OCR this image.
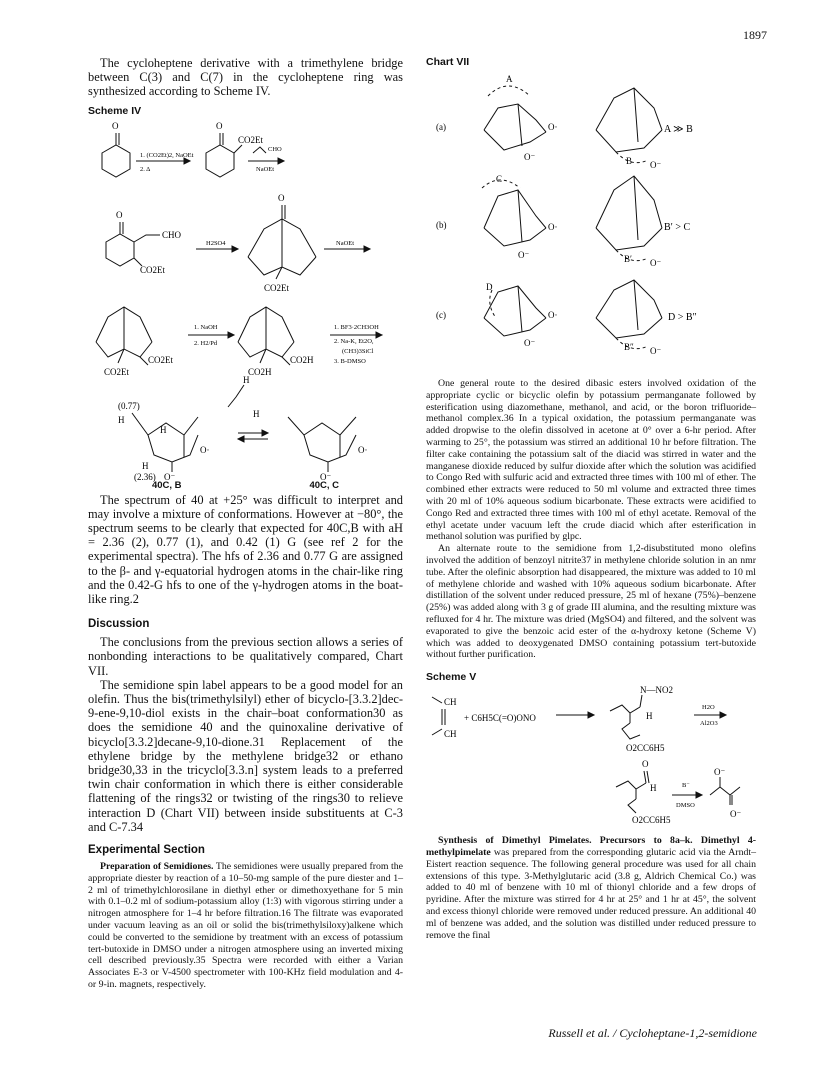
1897

The cycloheptene derivative with a trimethylene bridge between C(3) and C(7) in the cycloheptene ring was synthesized according to Scheme IV.

Scheme IV
O	O
CO2Et
1. (CO2Et)2, NaOEt
2. Δ
CHO
NaOEt
O
CHO
CO2Et
H2SO4
O
NaOEt
CO2Et
CO2Et
CO2Et
1. NaOH
2. H2/Pd
CO2H
CO2H
1. BF3·2CH3OH
2. Na-K, Et2O,
(CH3)3SiCl
3. B-DMSO
H
(0.77)
H
H
H
H
(2.36) O⁻
O·
O⁻
O·
40C, B	40C, C

The spectrum of 40 at +25° was difficult to interpret and may involve a mixture of conformations. However at −80°, the spectrum seems to be clearly that expected for 40C,B with aH = 2.36 (2), 0.77 (1), and 0.42 (1) G (see ref 2 for the experimental spectra). The hfs of 2.36 and 0.77 G are assigned to the β- and γ-equatorial hydrogen atoms in the chair-like ring and the 0.42-G hfs to one of the γ-hydrogen atoms in the boat-like ring.2

Discussion

The conclusions from the previous section allows a series of nonbonding interactions to be qualitatively compared, Chart VII.

The semidione spin label appears to be a good model for an olefin. Thus the bis(trimethylsilyl) ether of bicyclo-[3.3.2]dec-9-ene-9,10-diol exists in the chair–boat conformation30 as does the semidione 40 and the quinoxaline derivative of bicyclo[3.3.2]decane-9,10-dione.31 Replacement of the ethylene bridge by the methylene bridge32 or ethano bridge30,33 in the tricyclo[3.3.n] system leads to a preferred twin chair conformation in which there is either considerable flattening of the rings32 or twisting of the rings30 to relieve interaction D (Chart VII) between inside substituents at C-3 and C-7.34

Experimental Section

Preparation of Semidiones. The semidiones were usually prepared from the appropriate diester by reaction of a 10–50-mg sample of the pure diester and 1–2 ml of trimethylchlorosilane in diethyl ether or dimethoxyethane for 5 min with 0.1–0.2 ml of sodium-potassium alloy (1:3) with vigorous stirring under a nitrogen atmosphere for 1–4 hr before filtration.16 The filtrate was evaporated under vacuum leaving as an oil or solid the bis(trimethylsiloxy)alkene which could be converted to the semidione by treatment with an excess of potassium tert-butoxide in DMSO under a nitrogen atmosphere using an inverted mixing cell described previously.35 Spectra were recorded with either a Varian Associates E-3 or V-4500 spectrometer with 100-KHz field modulation and 4- or 9-in. magnets, respectively.

Chart VII
(a)
A
O·
O⁻	B O⁻
A ≫ B
(b)
C
O·
O⁻	B′ O⁻
B′ > C
(c)
D
O·
O⁻	B″ O⁻
D > B″

One general route to the desired dibasic esters involved oxidation of the appropriate cyclic or bicyclic olefin by potassium permanganate followed by esterification using diazomethane, methanol, and acid, or the boron trifluoride–methanol complex.36 In a typical oxidation, the potassium permanganate was added dropwise to the olefin dissolved in acetone at 0° over a 6-hr period. After warming to 25°, the potassium was stirred an additional 10 hr before filtration. The filter cake containing the potassium salt of the diacid was stirred in water and the manganese dioxide reduced by sulfur dioxide after which the solution was acidified to Congo Red with sulfuric acid and extracted three times with 100 ml of ether. The combined ether extracts were reduced to 50 ml volume and extracted three times with 20 ml of 10% aqueous sodium bicarbonate. These extracts were acidified to Congo Red and extracted three times with 100 ml of ethyl acetate. Removal of the ethyl acetate under vacuum left the crude diacid which after esterification in methanol solution was purified by glpc.

An alternate route to the semidione from 1,2-disubstituted mono olefins involved the addition of benzoyl nitrite37 in methylene chloride solution in an nmr tube. After the olefinic absorption had disappeared, the mixture was added to 10 ml of methylene chloride and washed with 10% aqueous sodium bicarbonate. After distillation of the solvent under reduced pressure, 25 ml of hexane (75%)–benzene (25%) was added along with 3 g of grade III alumina, and the resulting mixture was refluxed for 4 hr. The mixture was dried (MgSO4) and filtered, and the solvent was evaporated to give the benzoic acid ester of the α-hydroxy ketone (Scheme V) which was added to deoxygenated DMSO containing potassium tert-butoxide without further purification.

Scheme V
CH
CH
+ C6H5C(=O)ONO
N—NO2
H
O2CC6H5
H2O
Al2O3
O
H
O2CC6H5
B⁻
DMSO
O⁻
O⁻

Synthesis of Dimethyl Pimelates. Precursors to 8a–k. Dimethyl 4-methylpimelate was prepared from the corresponding glutaric acid via the Arndt–Eistert reaction sequence. The following general procedure was used for all chain extensions of this type. 3-Methylglutaric acid (3.8 g, Aldrich Chemical Co.) was added to 40 ml of benzene with 10 ml of thionyl chloride and a few drops of pyridine. After the mixture was stirred for 4 hr at 25° and 1 hr at 45°, the solvent and excess thionyl chloride were removed under reduced pressure. An additional 40 ml of benzene was added, and the solution was distilled under reduced pressure to remove the final

Russell et al. / Cycloheptane-1,2-semidione
